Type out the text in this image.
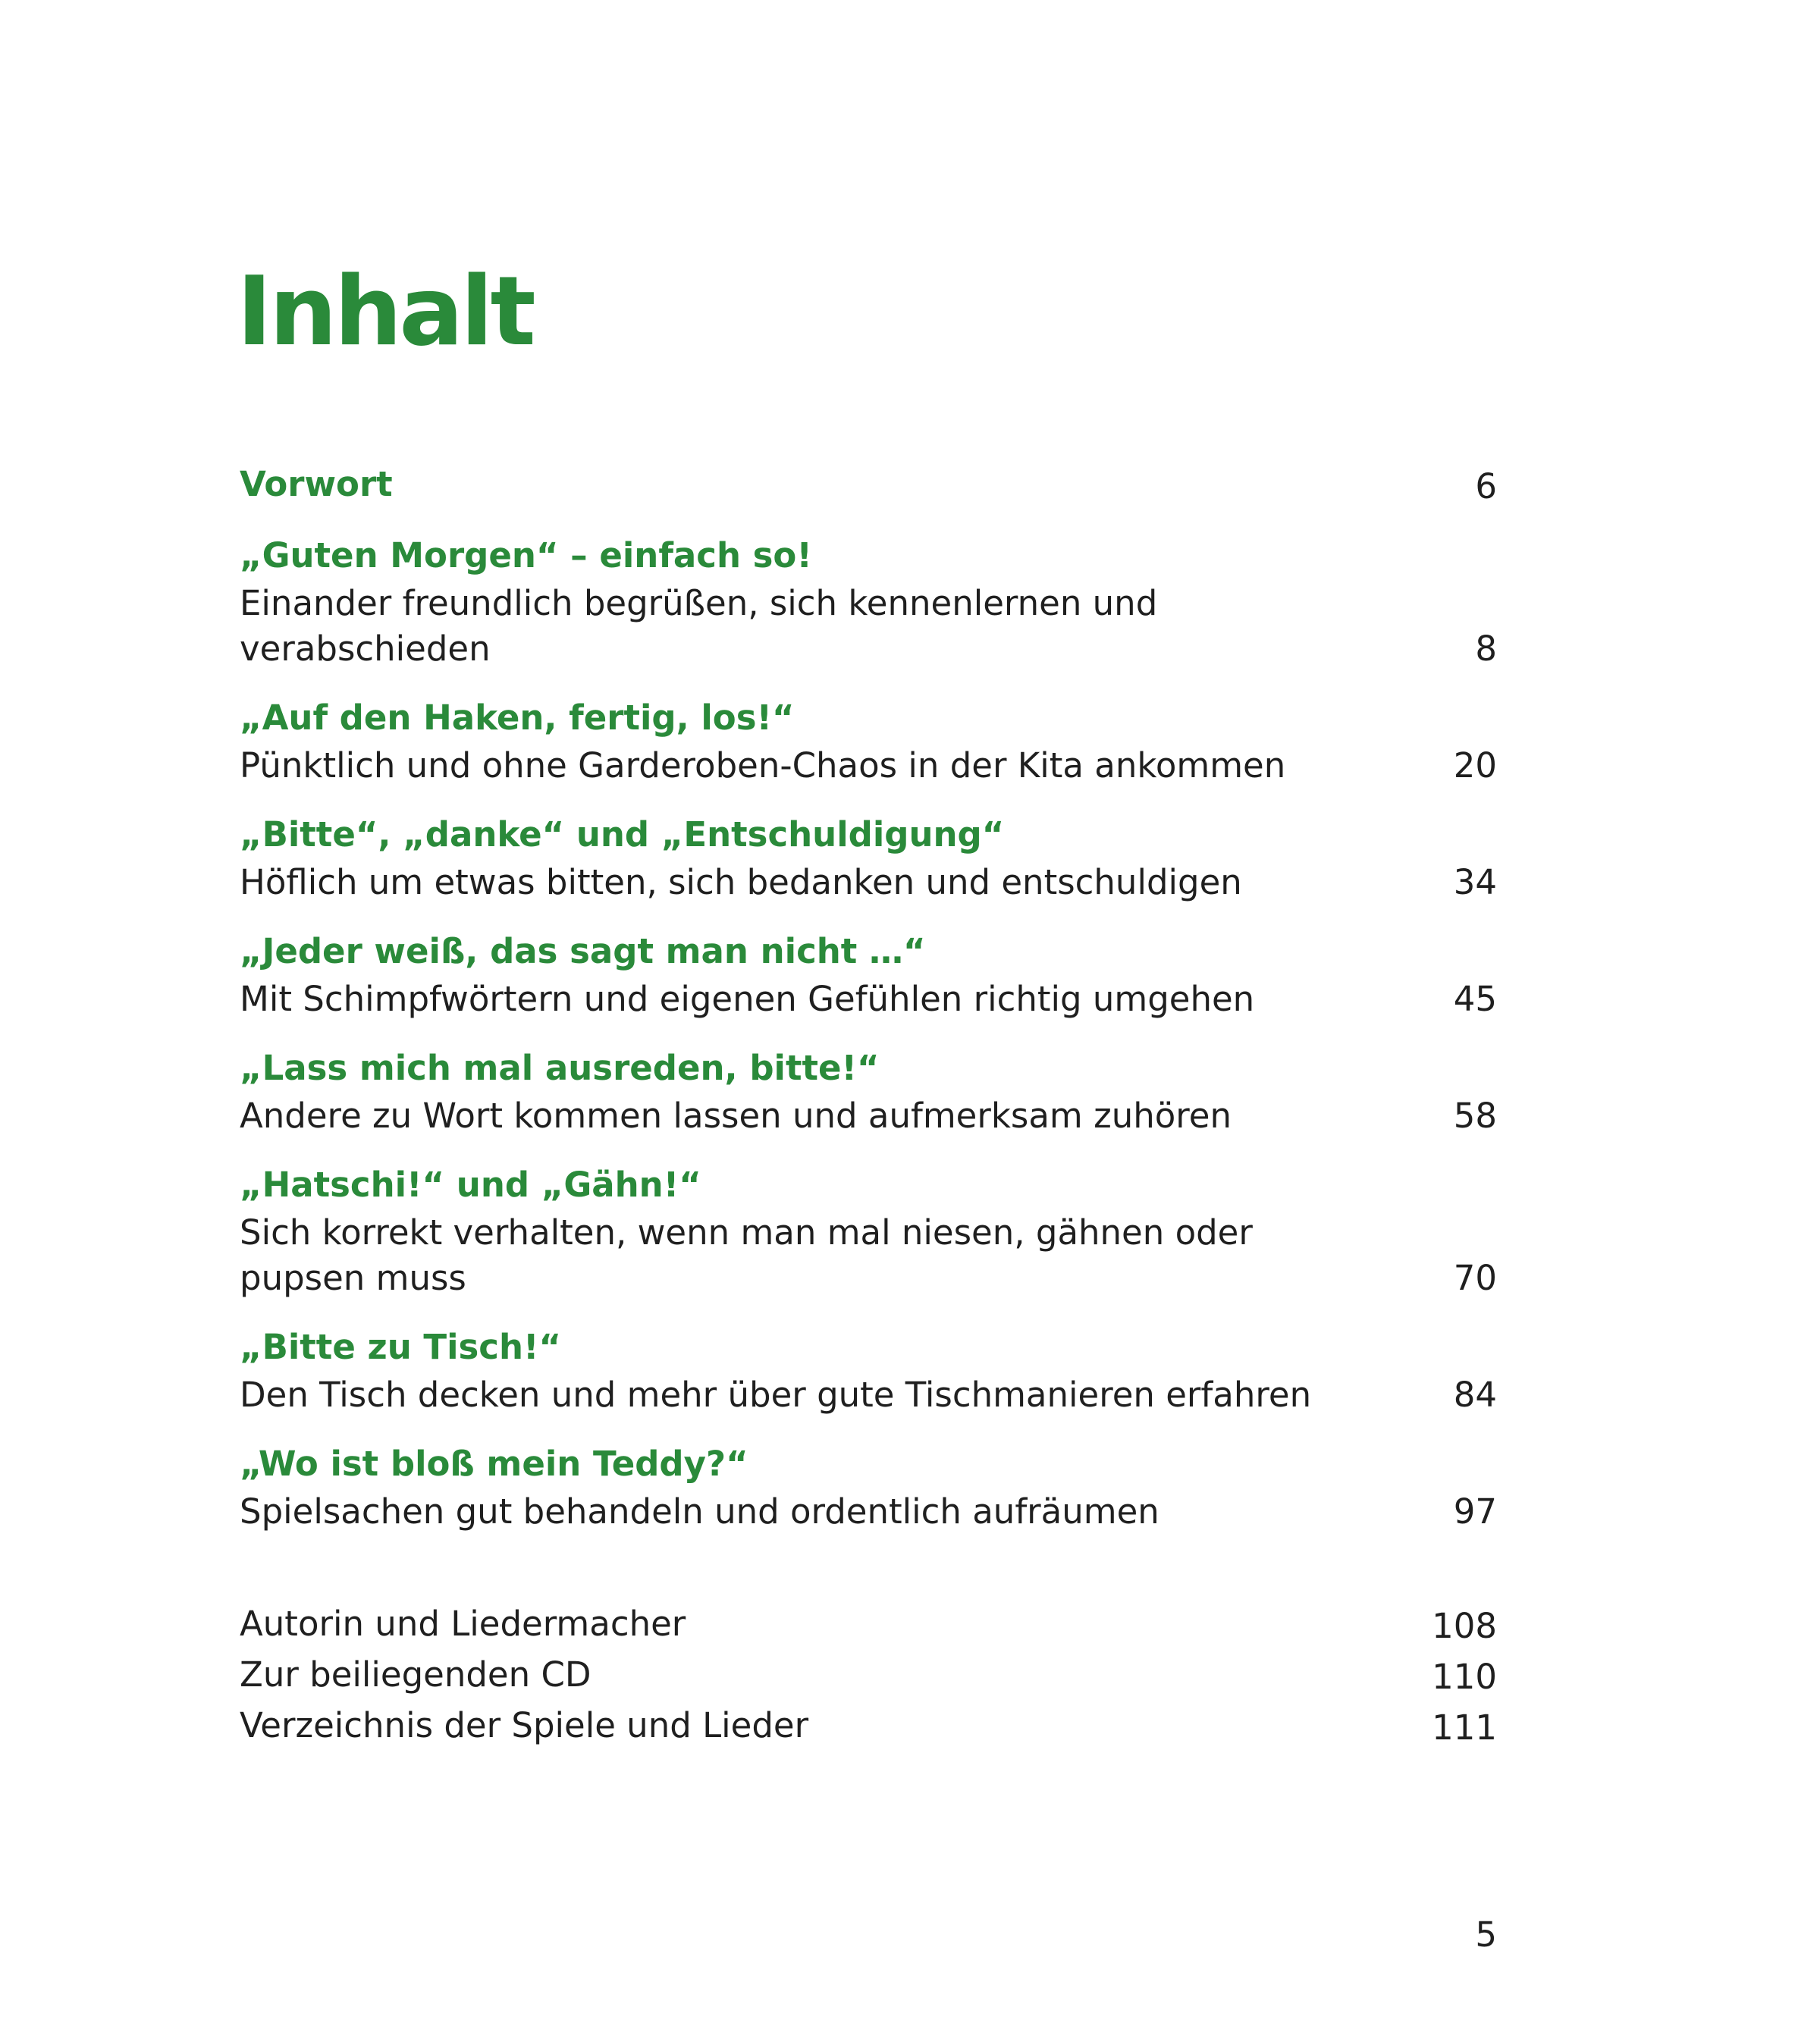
Inhalt
Vorwort	6
„Guten Morgen“ – einfach so!
Einander freundlich begrüßen, sich kennenlernen und verabschieden	8
„Auf den Haken, fertig, los!“
Pünktlich und ohne Garderoben-Chaos in der Kita ankommen	20
„Bitte“, „danke“ und „Entschuldigung“
Höflich um etwas bitten, sich bedanken und entschuldigen	34
„Jeder weiß, das sagt man nicht …“
Mit Schimpfwörtern und eigenen Gefühlen richtig umgehen	45
„Lass mich mal ausreden, bitte!“
Andere zu Wort kommen lassen und aufmerksam zuhören	58
„Hatschi!“ und „Gähn!“
Sich korrekt verhalten, wenn man mal niesen, gähnen oder pupsen muss	70
„Bitte zu Tisch!“
Den Tisch decken und mehr über gute Tischmanieren erfahren	84
„Wo ist bloß mein Teddy?“
Spielsachen gut behandeln und ordentlich aufräumen	97
Autorin und Liedermacher	108
Zur beiliegenden CD	110
Verzeichnis der Spiele und Lieder	111
5
